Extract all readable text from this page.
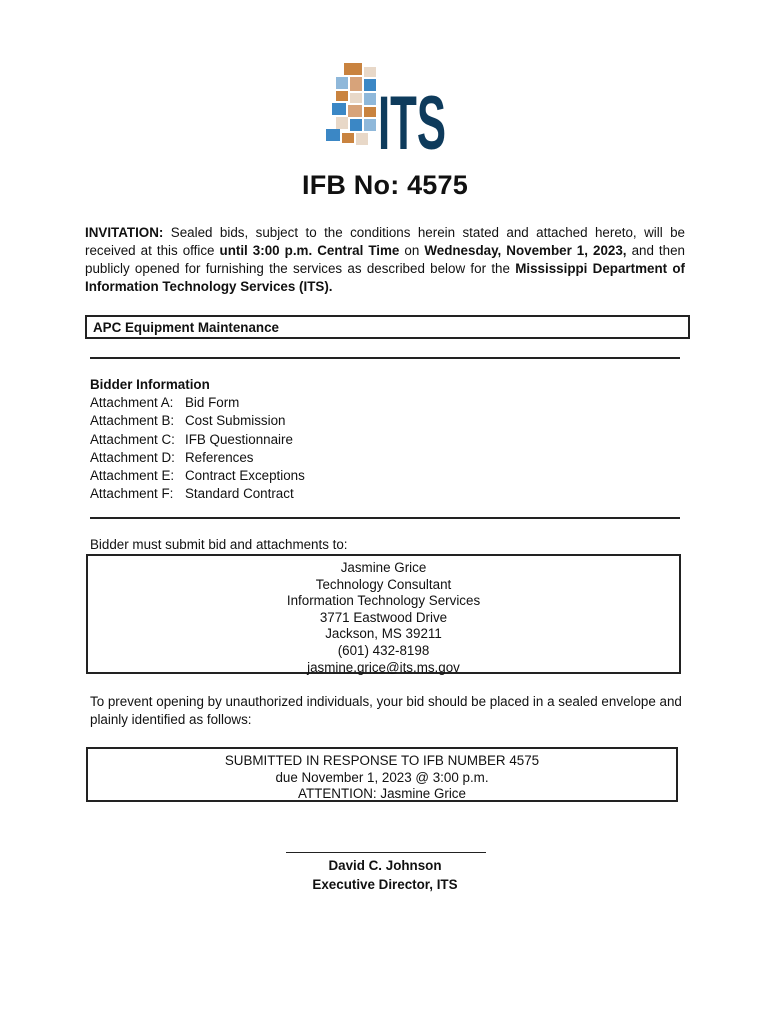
ITS
IFB No: 4575
INVITATION: Sealed bids, subject to the conditions herein stated and attached hereto, will be received at this office until 3:00 p.m. Central Time on Wednesday, November 1, 2023, and then publicly opened for furnishing the services as described below for the Mississippi Department of Information Technology Services (ITS).
APC Equipment Maintenance
Bidder Information
Attachment A: Bid Form
Attachment B: Cost Submission
Attachment C: IFB Questionnaire
Attachment D: References
Attachment E: Contract Exceptions
Attachment F: Standard Contract
Bidder must submit bid and attachments to:
Jasmine Grice
Technology Consultant
Information Technology Services
3771 Eastwood Drive
Jackson, MS 39211
(601) 432-8198
jasmine.grice@its.ms.gov
To prevent opening by unauthorized individuals, your bid should be placed in a sealed envelope and plainly identified as follows:
SUBMITTED IN RESPONSE TO IFB NUMBER 4575
due November 1, 2023 @ 3:00 p.m.
ATTENTION: Jasmine Grice
David C. Johnson
Executive Director, ITS
